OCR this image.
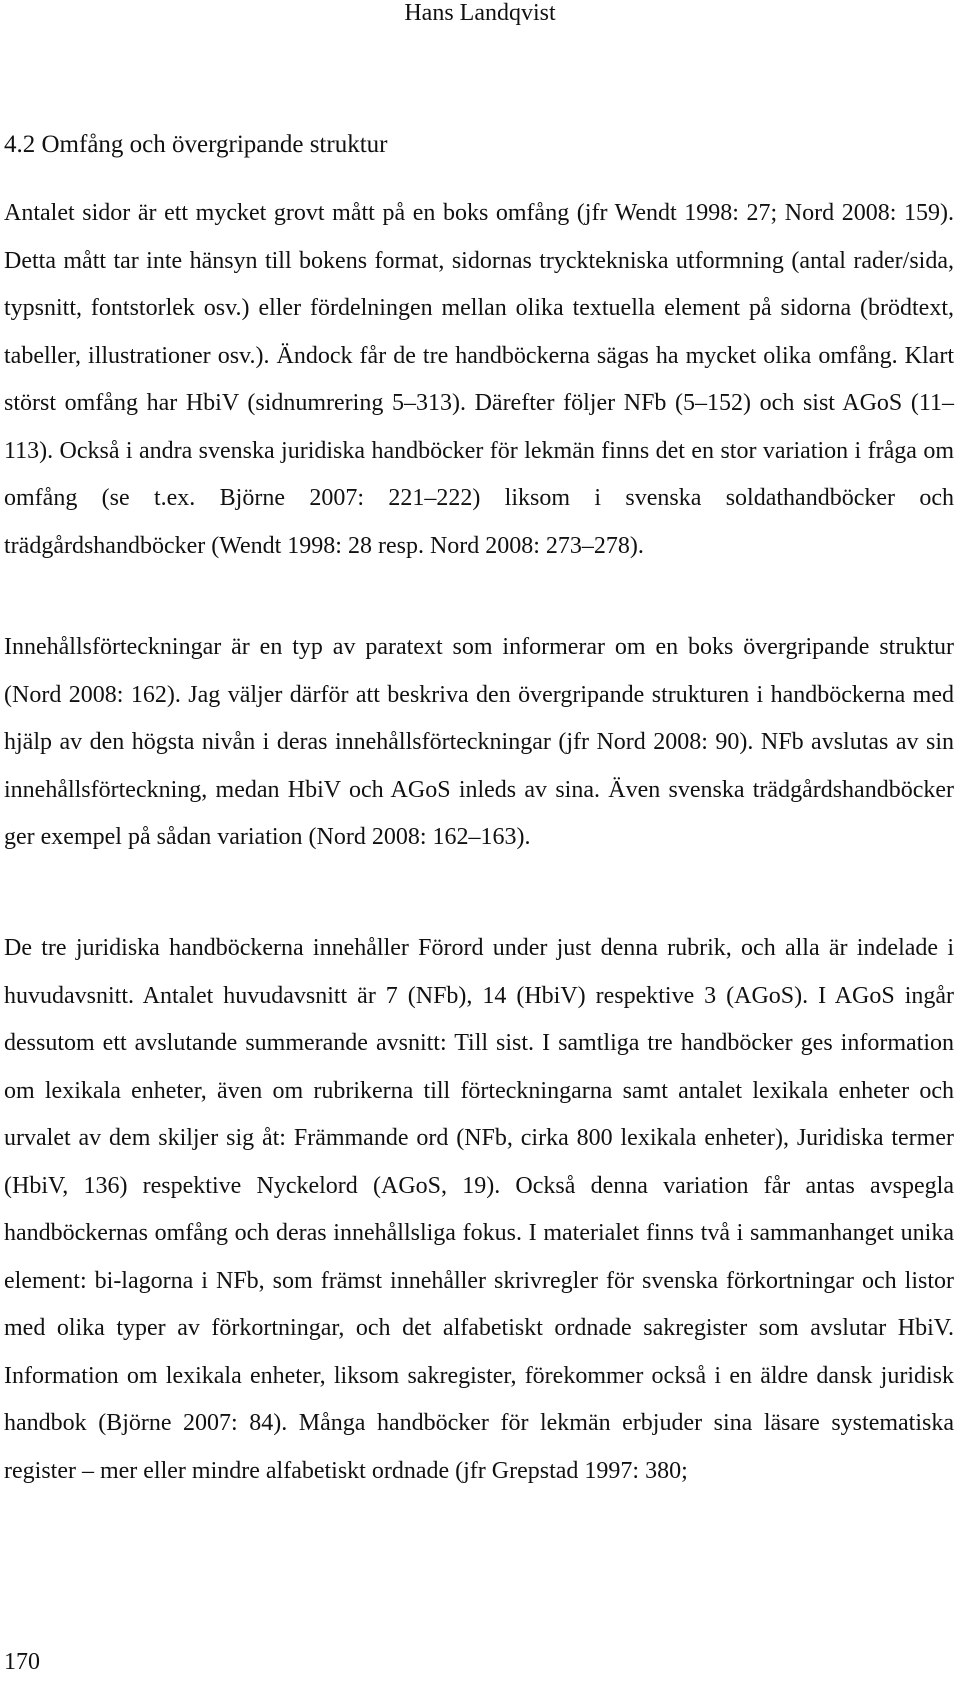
Hans Landqvist
4.2 Omfång och övergripande struktur

Antalet sidor är ett mycket grovt mått på en boks omfång (jfr Wendt 1998: 27; Nord 2008: 159). Detta mått tar inte hänsyn till bokens format, sidornas trycktekniska utformning (antal rader/sida, typsnitt, fontstorlek osv.) eller fördelningen mellan olika textuella element på sidorna (brödtext, tabeller, illustrationer osv.). Ändock får de tre handböckerna sägas ha mycket olika omfång. Klart störst omfång har HbiV (sidnumrering 5–313). Därefter följer NFb (5–152) och sist AGoS (11–113). Också i andra svenska juridiska handböcker för lekmän finns det en stor variation i fråga om omfång (se t.ex. Björne 2007: 221–222) liksom i svenska soldathandböcker och trädgårdshandböcker (Wendt 1998: 28 resp. Nord 2008: 273–278).

Innehållsförteckningar är en typ av paratext som informerar om en boks övergripande struktur (Nord 2008: 162). Jag väljer därför att beskriva den övergripande strukturen i handböckerna med hjälp av den högsta nivån i deras innehållsförteckningar (jfr Nord 2008: 90). NFb avslutas av sin innehållsförteckning, medan HbiV och AGoS inleds av sina. Även svenska trädgårdshandböcker ger exempel på sådan variation (Nord 2008: 162–163).

De tre juridiska handböckerna innehåller Förord under just denna rubrik, och alla är indelade i huvudavsnitt. Antalet huvudavsnitt är 7 (NFb), 14 (HbiV) respektive 3 (AGoS). I AGoS ingår dessutom ett avslutande summerande avsnitt: Till sist. I samtliga tre handböcker ges information om lexikala enheter, även om rubrikerna till förteckningarna samt antalet lexikala enheter och urvalet av dem skiljer sig åt: Främmande ord (NFb, cirka 800 lexikala enheter), Juridiska termer (HbiV, 136) respektive Nyckelord (AGoS, 19). Också denna variation får antas avspegla handböckernas omfång och deras innehållsliga fokus. I materialet finns två i sammanhanget unika element: bi-lagorna i NFb, som främst innehåller skrivregler för svenska förkortningar och listor med olika typer av förkortningar, och det alfabetiskt ordnade sakregister som avslutar HbiV. Information om lexikala enheter, liksom sakregister, förekommer också i en äldre dansk juridisk handbok (Björne 2007: 84). Många handböcker för lekmän erbjuder sina läsare systematiska register – mer eller mindre alfabetiskt ordnade (jfr Grepstad 1997: 380;

170
